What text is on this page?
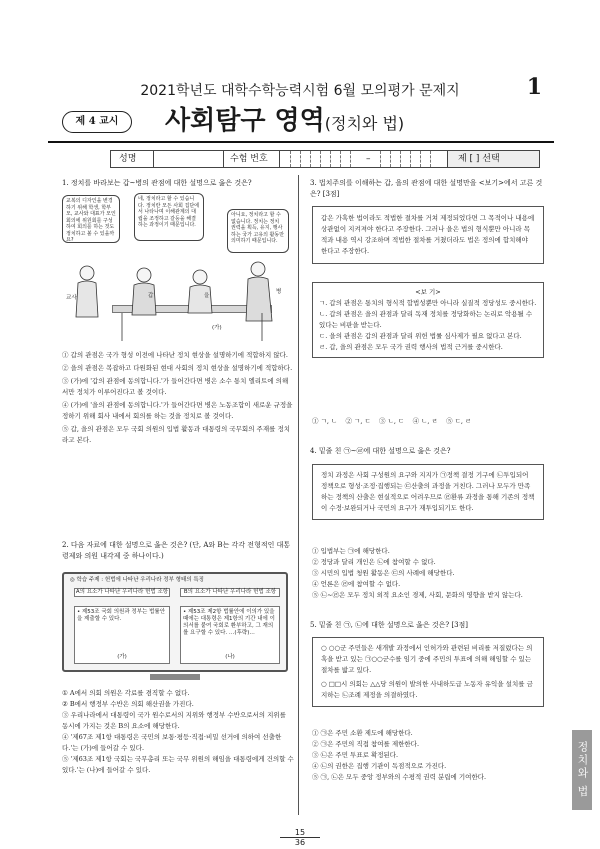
2021학년도 대학수학능력시험 6월 모의평가 문제지	1
제 4 교시	사회탐구 영역(정치와 법)
성명	수험 번호	–	제 [ ] 선택
1. 정치를 바라보는 갑~병의 관점에 대한 설명으로 옳은 것은?
교복의 디자인을 변경하기 위해 학생, 학부모, 교사와 대표가 모인 회의에 위원회를 구성하여 회의를 하는 것도 정치하고 볼 수 있을까요?
네, 정치라고 할 수 있습니다. 정치란 모든 사회 집단에서 나타나며 이해관계의 대립을 조정하고 갈등을 해결하는 과정이기 때문입니다.
아니요, 정치라고 할 수 없습니다. 정치는 정치 권력을 획득, 유지, 행사하는 국가 고유의 활동만 의미하기 때문입니다.
교사	갑	을
병
(가)
① 갑의 관점은 국가 형성 이전에 나타난 정치 현상을 설명하기에 적합하지 않다.
② 을의 관점은 복잡하고 다원화된 현대 사회의 정치 현상을 설명하기에 적합하다.
③ (가)에 '갑의 관점에 동의합니다.'가 들어간다면 병은 소수 통치 엘리트에 의해서만 정치가 이루어진다고 볼 것이다.
④ (가)에 '을의 관점에 동의합니다.'가 들어간다면 병은 노동조합이 새로운 규정을 정하기 위해 회사 내에서 회의를 하는 것을 정치로 볼 것이다.
⑤ 갑, 을의 관점은 모두 국회 의원의 입법 활동과 대통령의 국무회의 주재를 정치라고 본다.
2. 다음 자료에 대한 설명으로 옳은 것은? (단, A와 B는 각각 전형적인 대통령제와 의원 내각제 중 하나이다.)
◎ 학습 주제 : 헌법에 나타난 우리나라 정부 형태의 특징
A의 요소가 나타난 우리나라 헌법 조항	B의 요소가 나타난 우리나라 헌법 조항
• 제53조 국회 의원과 정부는 법률안을 제출할 수 있다.
(가)
• 제53조 제2항 법률안에 이의가 있을 때에는 대통령은 제1항의 기간 내에 이의서를 붙여 국회로 환부하고, 그 재의를 요구할 수 있다. …(후략)…
(나)
① A에서 의회 의원은 각료를 겸직할 수 없다.
② B에서 행정부 수반은 의회 해산권을 가진다.
③ 우리나라에서 대통령이 국가 원수로서의 지위와 행정부 수반으로서의 지위를 동시에 가지는 것은 B의 요소에 해당한다.
④ '제67조 제1항 대통령은 국민의 보통·평등·직접·비밀 선거에 의하여 선출한다.'는 (가)에 들어갈 수 있다.
⑤ '제63조 제1항 국회는 국무총리 또는 국무 위원의 해임을 대통령에게 건의할 수 있다.'는 (나)에 들어갈 수 있다.
3. 법치주의를 이해하는 갑, 을의 관점에 대한 설명만을 <보기>에서 고른 것은? [3점]
갑은 가혹한 법이라도 적법한 절차를 거쳐 제정되었다면 그 목적이나 내용에 상관없이 지켜져야 한다고 주장한다. 그러나 을은 법의 형식뿐만 아니라 목적과 내용 역시 강조하며 적법한 절차를 거쳤더라도 법은 정의에 합치해야 한다고 주장한다.
<보 기>
ㄱ. 갑의 관점은 통치의 형식적 합법성뿐만 아니라 실질적 정당성도 중시한다.
ㄴ. 갑의 관점은 을의 관점과 달리 독재 정치를 정당화하는 논리로 악용될 수 있다는 비판을 받는다.
ㄷ. 을의 관점은 갑의 관점과 달리 위헌 법률 심사제가 필요 없다고 본다.
ㄹ. 갑, 을의 관점은 모두 국가 권력 행사의 법적 근거를 중시한다.
① ㄱ, ㄴ    ② ㄱ, ㄷ    ③ ㄴ, ㄷ    ④ ㄴ, ㄹ    ⑤ ㄷ, ㄹ
4. 밑줄 친 ㉠~㉣에 대한 설명으로 옳은 것은?
정치 과정은 사회 구성원의 요구와 지지가 ㉠정책 결정 기구에 ㉡투입되어 정책으로 형성·조정·집행되는 ㉢산출의 과정을 거친다. 그러나 모두가 만족하는 정책의 산출은 현실적으로 어려우므로 ㉣환류 과정을 통해 기존의 정책이 수정·보완되거나 국민의 요구가 재투입되기도 한다.
① 입법부는 ㉠에 해당한다.
② 정당과 달리 개인은 ㉡에 참여할 수 없다.
③ 시민의 입법 청원 활동은 ㉢의 사례에 해당한다.
④ 언론은 ㉣에 참여할 수 없다.
⑤ ㉡~㉣은 모두 정치 외적 요소인 경제, 사회, 문화의 영향을 받지 않는다.
5. 밑줄 친 ㉠, ㉡에 대한 설명으로 옳은 것은? [3점]
○ ○○군 주민들은 새개발 과정에서 인허가와 관련된 비리를 저질렀다는 의혹을 받고 있는 ㉠○○군수를 임기 중에 주민의 투표에 의해 해임할 수 있는 절차를 밟고 있다.
○ □□시 의회는 △△당 의원이 발의한 사내하도급 노동자 유익을 설치를 금지하는 ㉡조례 제정을 의결하였다.
① ㉠은 주민 소환 제도에 해당한다.
② ㉠은 주민의 직접 참여를 제한한다.
③ ㉡은 주민 투표로 확정된다.
④ ㉡의 권한은 집행 기관이 독점적으로 가진다.
⑤ ㉠, ㉡은 모두 중앙 정부와의 수평적 권력 분립에 기여한다.	정치와 법
15
36
